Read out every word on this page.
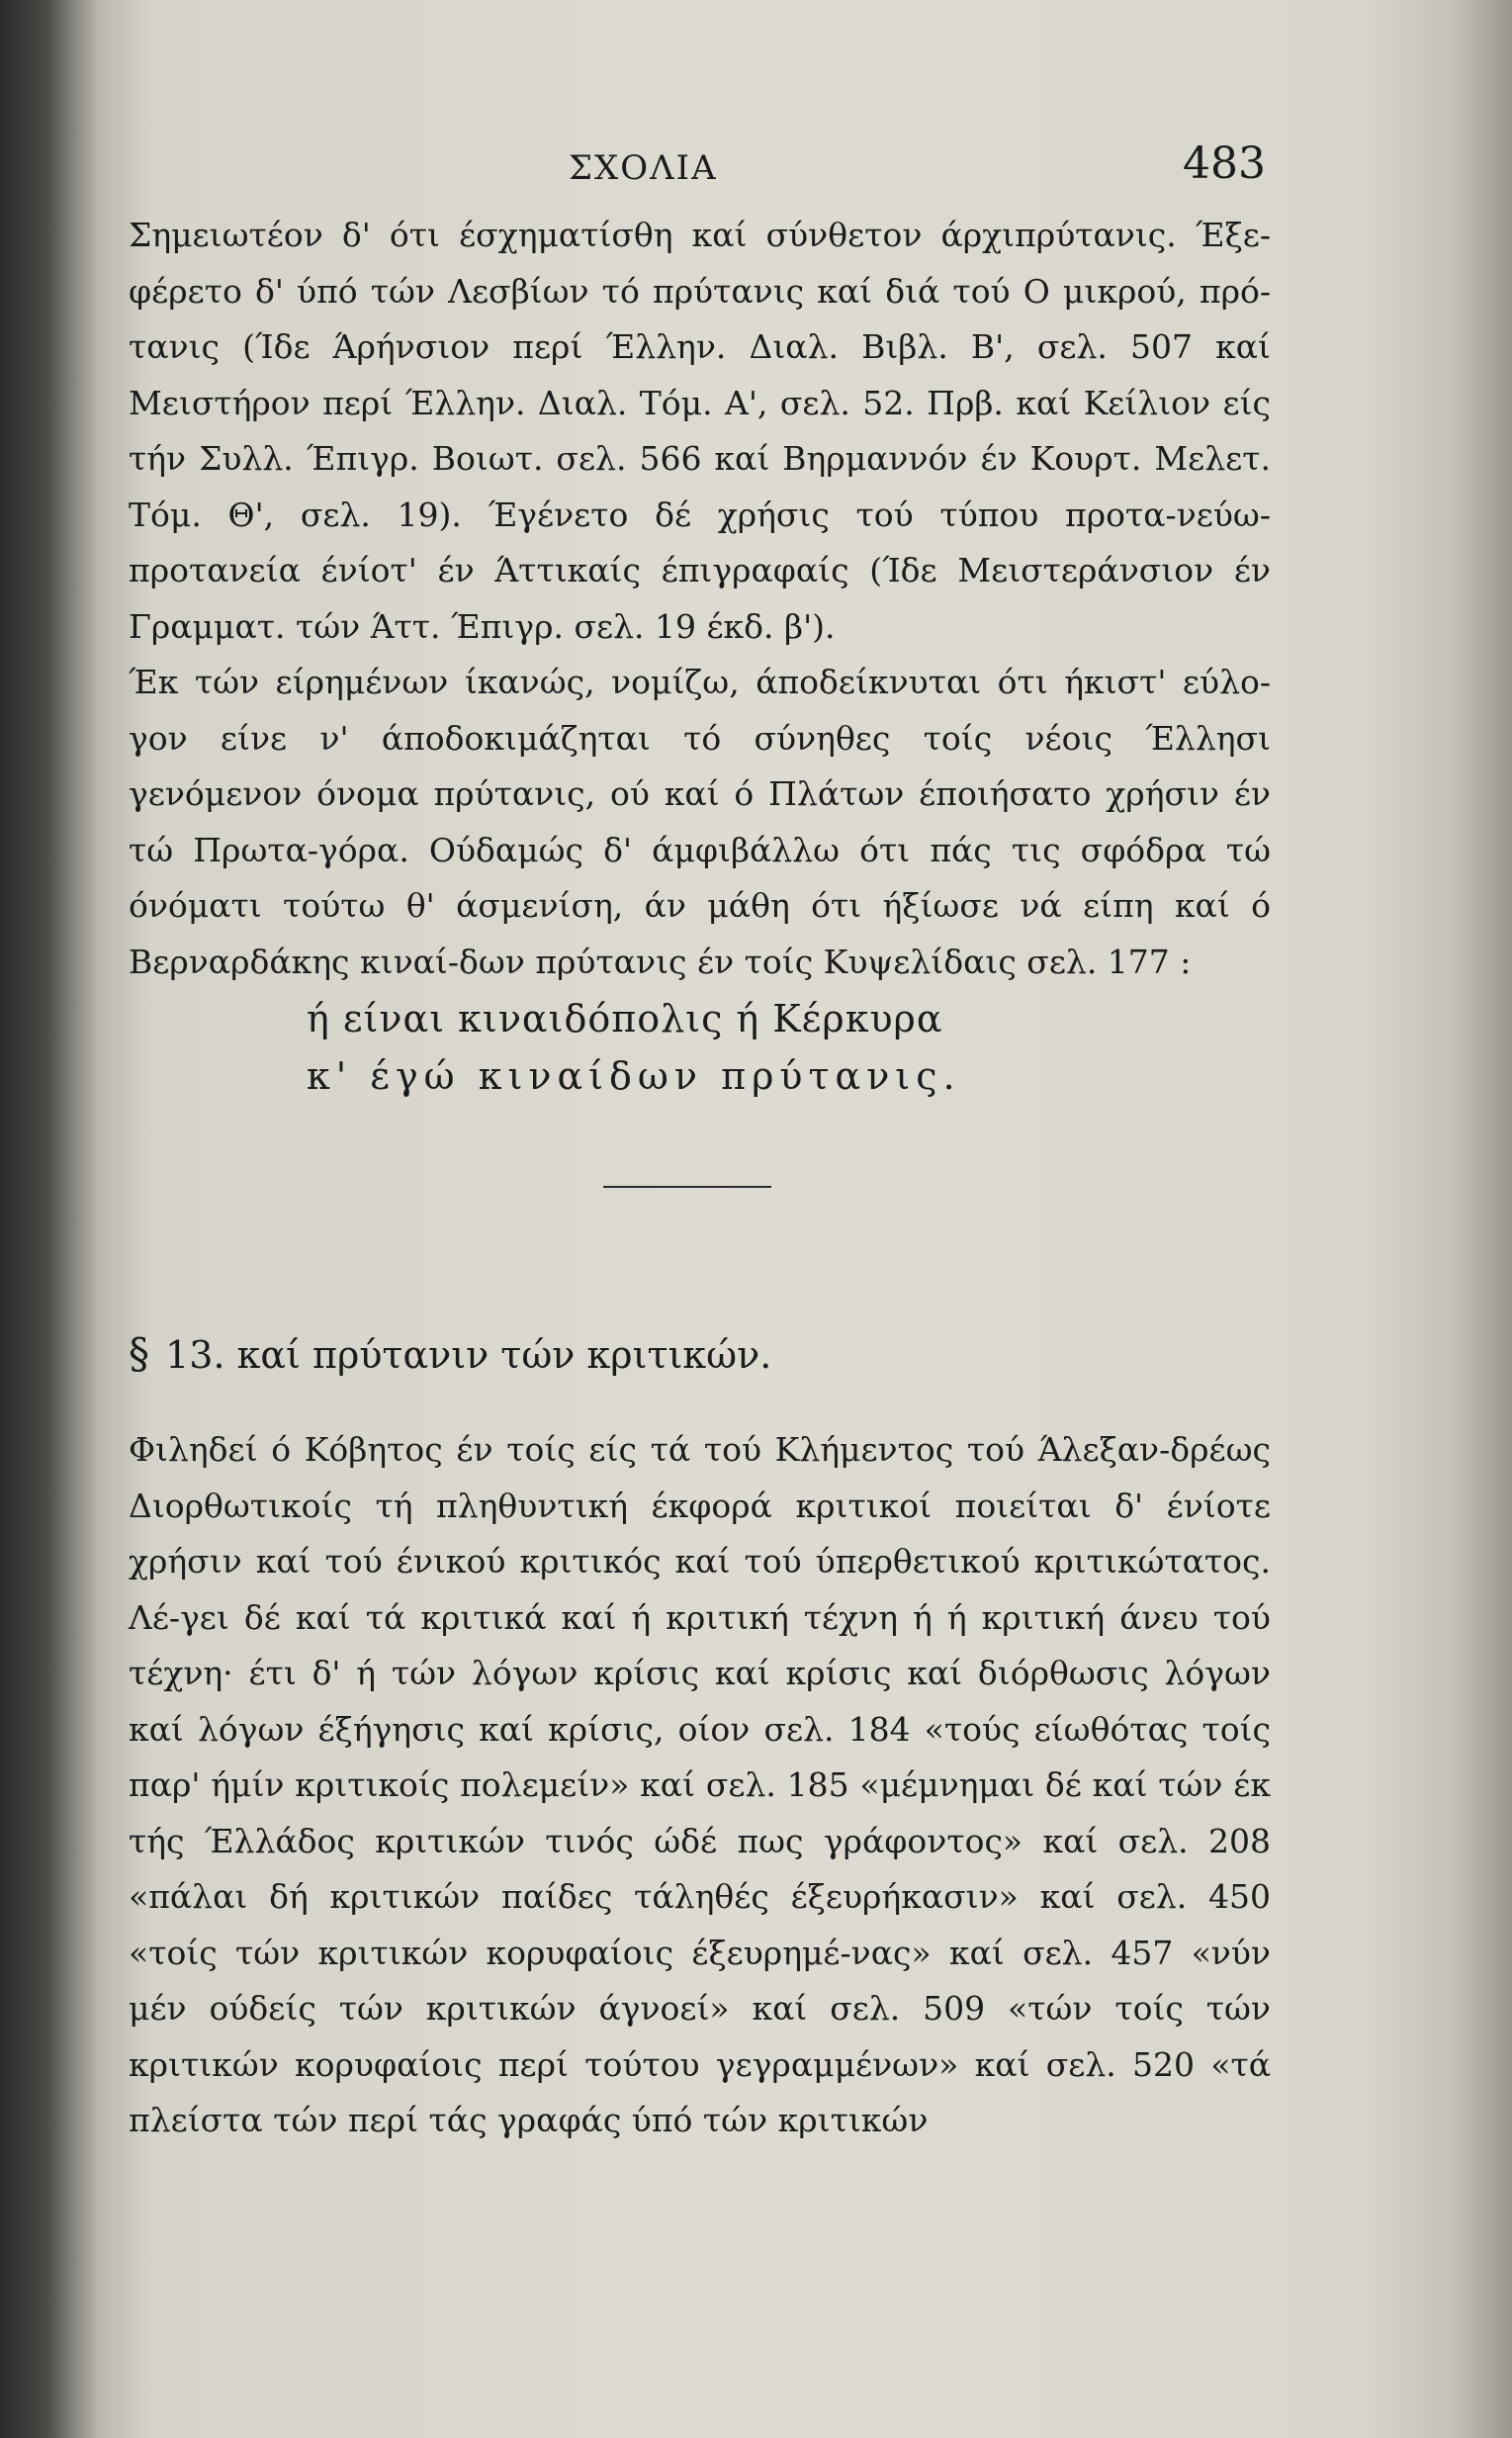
ΣΧΟΛΙΑ	483

Σημειωτέον δ' ότι έσχηματίσθη καί σύνθετον άρχιπρύτανις. Έξε-φέρετο δ' ύπό τών Λεσβίων τό πρύτανις καί διά τού Ο μικρού, πρό-τανις (Ίδε Άρήνσιον περί Έλλην. Διαλ. Βιβλ. Β', σελ. 507 καί Μειστήρον περί Έλλην. Διαλ. Τόμ. Α', σελ. 52. Πρβ. καί Κείλιον είς τήν Συλλ. Έπιγρ. Βοιωτ. σελ. 566 καί Βηρμαννόν έν Κουρτ. Μελετ. Τόμ. Θ', σελ. 19). Έγένετο δέ χρήσις τού τύπου προτα-νεύω-προτανεία ένίοτ' έν Άττικαίς έπιγραφαίς (Ίδε Μειστεράνσιον έν Γραμματ. τών Άττ. Έπιγρ. σελ. 19 έκδ. β').

Έκ τών είρημένων ίκανώς, νομίζω, άποδείκνυται ότι ήκιστ' εύλο-γον είνε ν' άποδοκιμάζηται τό σύνηθες τοίς νέοις Έλλησι γενόμενον όνομα πρύτανις, ού καί ό Πλάτων έποιήσατο χρήσιν έν τώ Πρωτα-γόρα. Ούδαμώς δ' άμφιβάλλω ότι πάς τις σφόδρα τώ όνόματι τούτω θ' άσμενίση, άν μάθη ότι ήξίωσε νά είπη καί ό Βερναρδάκης κιναί-δων πρύτανις έν τοίς Κυψελίδαις σελ. 177 :

ή είναι κιναιδόπολις ή Κέρκυρα

κ' έγώ κιναίδων πρύτανις.

§ 13. καί πρύτανιν τών κριτικών.

Φιληδεί ό Κόβητος έν τοίς είς τά τού Κλήμεντος τού Άλεξαν-δρέως Διορθωτικοίς τή πληθυντική έκφορά κριτικοί ποιείται δ' ένίοτε χρήσιν καί τού ένικού κριτικός καί τού ύπερθετικού κριτικώτατος. Λέ-γει δέ καί τά κριτικά καί ή κριτική τέχνη ή ή κριτική άνευ τού τέχνη· έτι δ' ή τών λόγων κρίσις καί κρίσις καί διόρθωσις λόγων καί λόγων έξήγησις καί κρίσις, οίον σελ. 184 «τούς είωθότας τοίς παρ' ήμίν κριτικοίς πολεμείν» καί σελ. 185 «μέμνημαι δέ καί τών έκ τής Έλλάδος κριτικών τινός ώδέ πως γράφοντος» καί σελ. 208 «πάλαι δή κριτικών παίδες τάληθές έξευρήκασιν» καί σελ. 450 «τοίς τών κριτικών κορυφαίοις έξευρημέ-νας» καί σελ. 457 «νύν μέν ούδείς τών κριτικών άγνοεί» καί σελ. 509 «τών τοίς τών κριτικών κορυφαίοις περί τούτου γεγραμμένων» καί σελ. 520 «τά πλείστα τών περί τάς γραφάς ύπό τών κριτικών
